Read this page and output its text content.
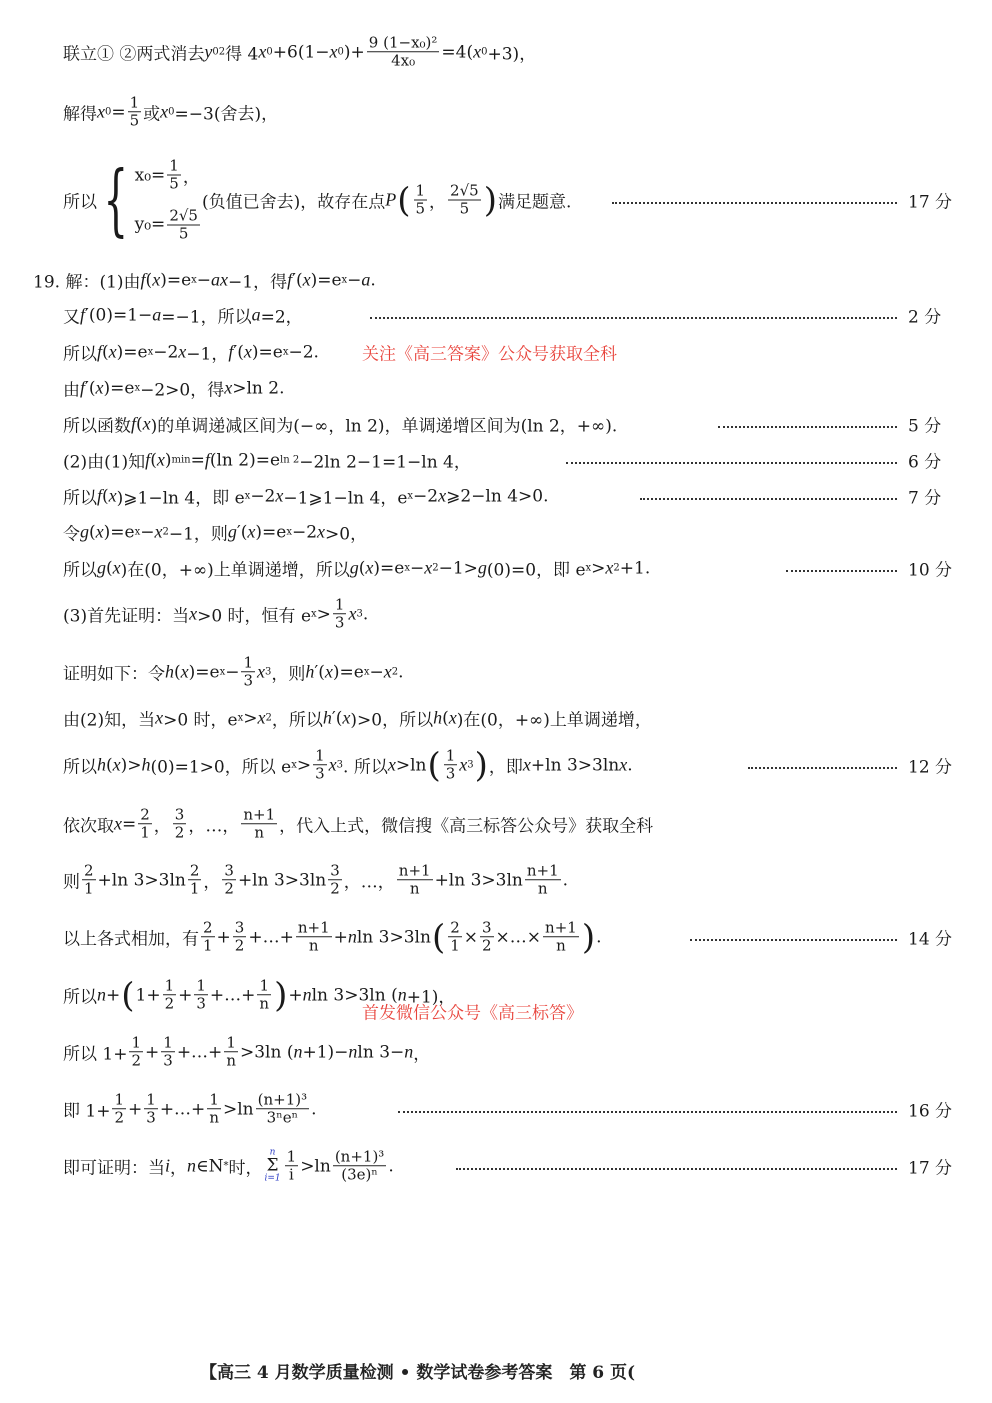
联立① ②两式消去 y 0 2 得 4 x 0 +6(1− x 0 )+ $\frac{\text{9 (1−x₀)²}}{\text{4x₀}} =4$( x 0 +3)，
解得 x $0 = \frac{1}{5}$ 或 x 0 =−3(舍去)，
所以 { $x_0= \frac{1}{5}$ ，
$y_0= \frac{2√5}{5}$
(负值已舍去)，故存在点 P ( $\frac{1}{5}$ ， $\frac{2√5}{5}$ ) 满足题意.	17 分
19. 解：(1)由 f ( x )=e x − ax −1，得 f ′( x )=e x − a .
又 f ′(0)=1− a =−1，所以 a =2，	2 分
所以 f ( x )=e x −2 x −1， f ′( x )=e x −2.
由 f ′( x )=e x −2>0，得 x >ln 2.
所以函数 f ( x )的单调递减区间为(−∞，ln 2)，单调递增区间为(ln 2，+∞).	5 分
(2)由(1)知 f ( x ) min = f (ln 2)=e ln 2 −2ln 2−1=1−ln 4，	6 分
所以 f ( x )⩾1−ln 4，即 e x −2 x −1⩾1−ln 4，e x −2 x ⩾2−ln 4>0.	7 分
令 g ( x )=e x − x 2 −1，则 g ′( x )=e x −2 x >0，
所以 g ( x )在(0，+∞)上单调递增，所以 g ( x )=e x − x 2 −1> g (0)=0，即 e x > x 2 +1.	10 分
(3)首先证明：当 x >0 时，恒有 e $x > \frac{1}{3}$ x 3 .
证明如下：令 h ( x )=e $x - \frac{1}{3}$ x 3 ，则 h ′( x )=e x − x 2 .
由(2)知，当 x >0 时，e x > x 2 ，所以 h ′( x )>0，所以 h ( x )在(0，+∞)上单调递增，
所以 h ( x )> h (0)=1>0，所以 e $x > \frac{1}{3}$ x 3 . 所以 x >ln ( $\frac{1}{3}$ x 3 ) ，即 x +ln 3>3ln x .	12 分
依次取 $x = \frac{2}{1}$ ， $\frac{3}{2}$ ，…， $\frac{n+1}{n}$ ，代入上式，微信搜《高三标答公众号》获取全科
则 $\frac{2}{1} +\ln$ $3>3\ln \frac{2}{1}$ ， $\frac{3}{2} +\ln$ $3>3\ln \frac{3}{2}$ ，…， $\frac{n+1}{n} +\ln$ $3>3\ln \frac{n+1}{n}$ .
以上各式相加，有 $\frac{2}{1} + \frac{3}{2}$ +…+ $\frac{n+1}{n} + n$ ln 3>3ln ( $\frac{2}{1} \times \frac{3}{2}$ ×…× $\frac{n+1}{n}$ ) .	14 分
所以 n + ( $1+ \frac{1}{2} + \frac{1}{3}$ +…+ $\frac{1}{n}$ ) + n ln 3>3ln ( n +1)，
所以 $1+ \frac{1}{2} + \frac{1}{3}$ +…+ $\frac{1}{n} >3\ln$ ( n +1)− n ln 3− n ，
即 $1+ \frac{1}{2} + \frac{1}{3}$ +…+ $\frac{1}{n} >\ln \frac{\text{(n+1)³}}{\text{3ⁿeⁿ}}$ .	16 分
即可证明：当 i ， n ∈N * 时，
n
Σ
$i=1 \frac{1}{i} >\ln \frac{\text{(n+1)³}}{\text{(3e)ⁿ}}$ .	17 分
关注《高三答案》公众号获取全科
首发微信公众号《高三标答》
【高三 4 月数学质量检测 • 数学试卷参考答案　第 6 页(
